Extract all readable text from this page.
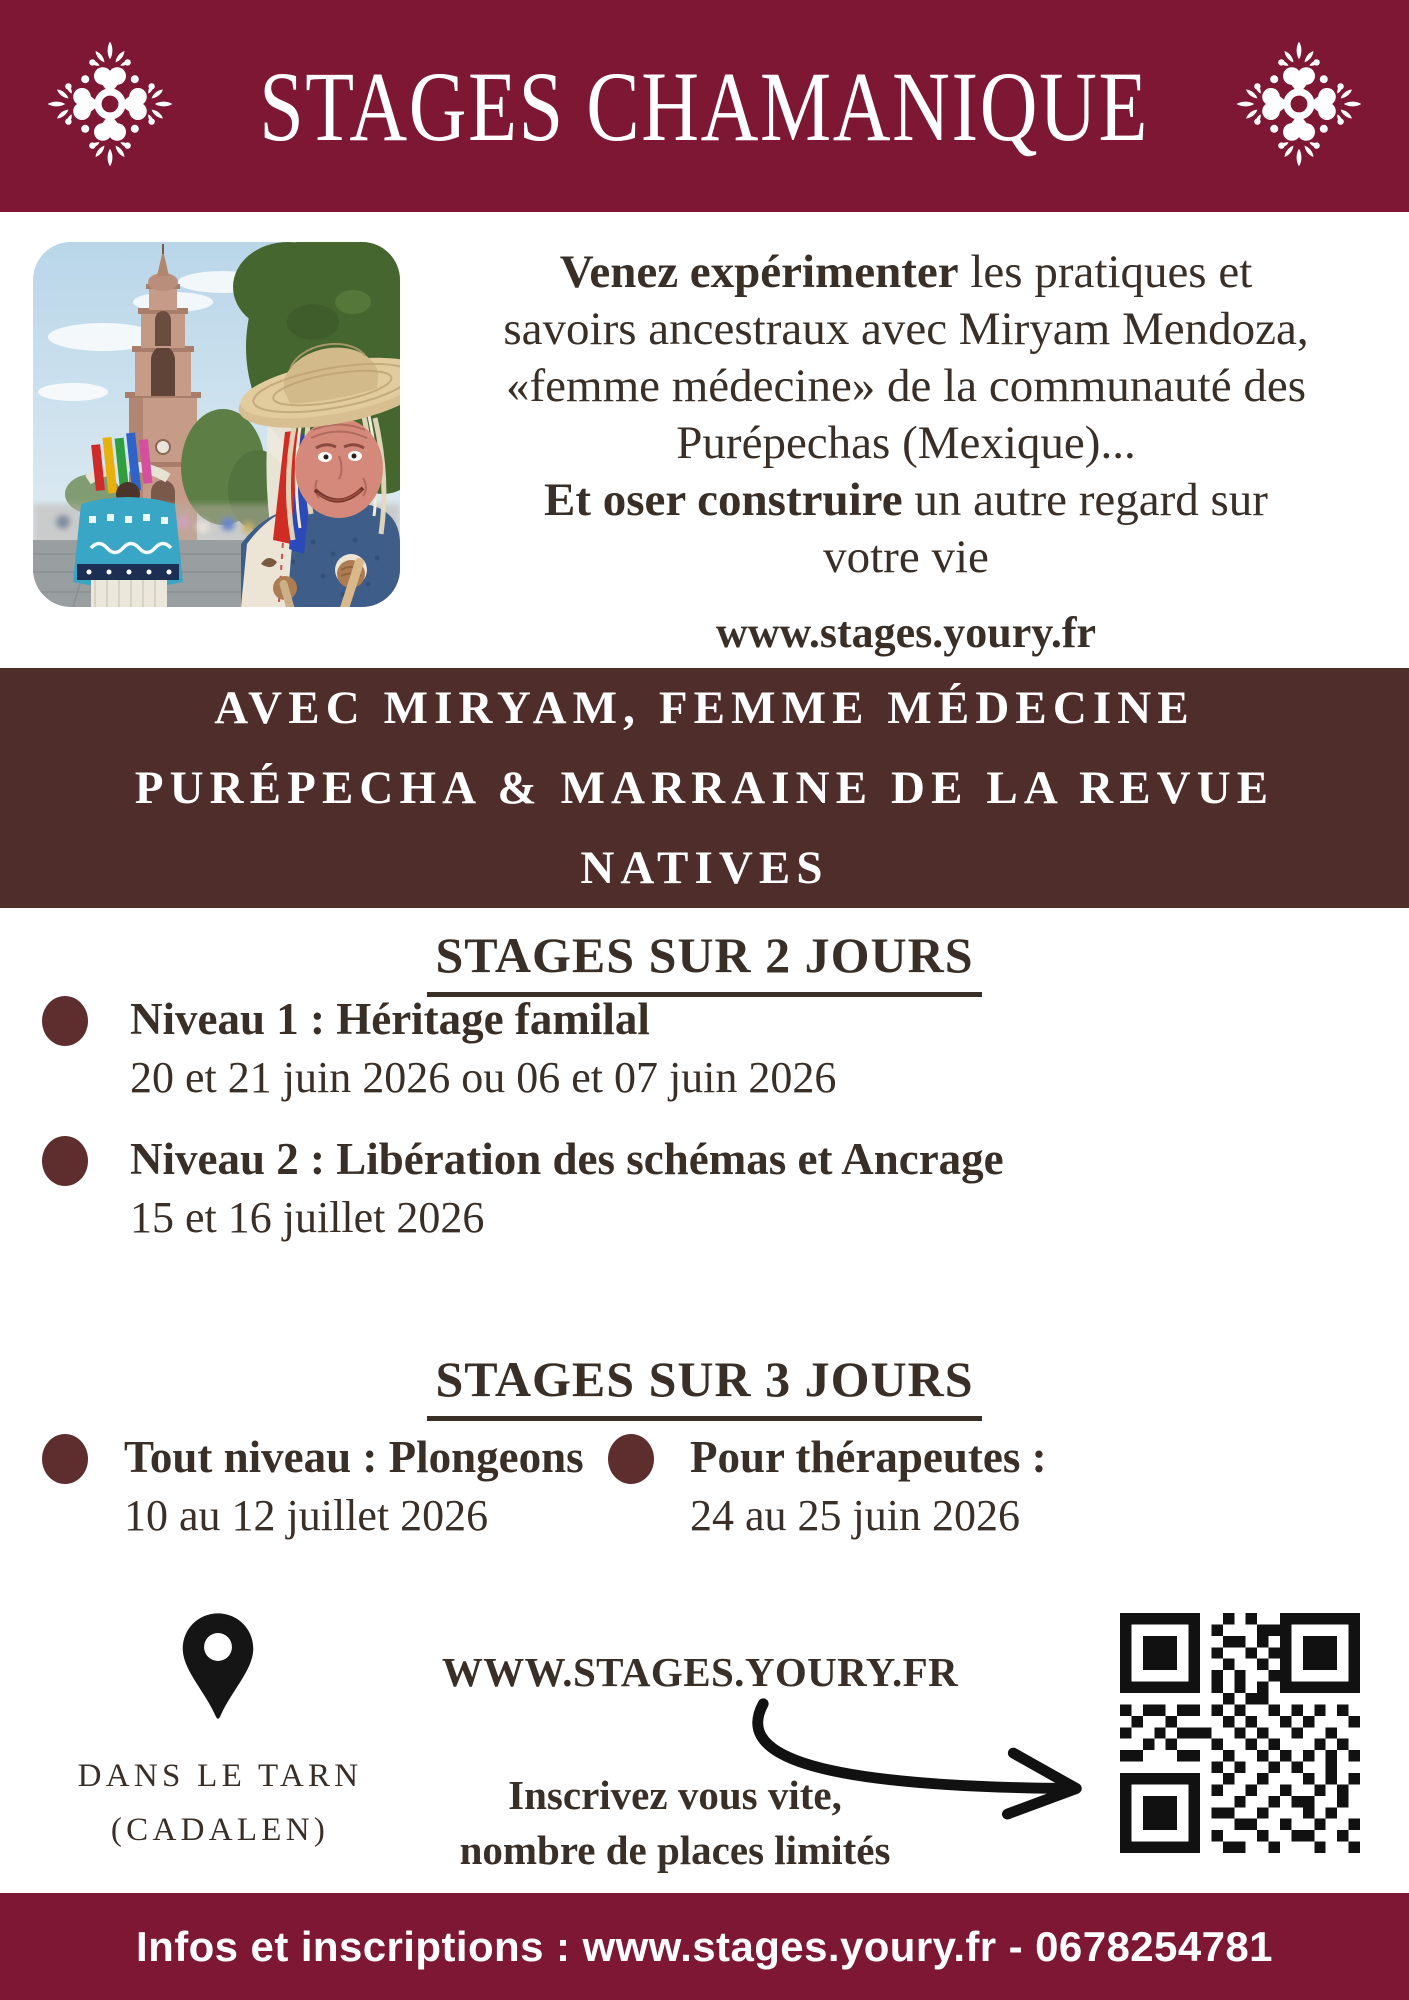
STAGES CHAMANIQUE
Venez expérimenter les pratiques et
savoirs ancestraux avec Miryam Mendoza,
«femme médecine» de la communauté des
Purépechas (Mexique)...
Et oser construire un autre regard sur
votre vie
www.stages.youry.fr
AVEC MIRYAM, FEMME MÉDECINE
PURÉPECHA & MARRAINE DE LA REVUE
NATIVES
STAGES SUR 2 JOURS
Niveau 1 : Héritage familal
20 et 21 juin 2026 ou 06 et 07 juin 2026
Niveau 2 : Libération des schémas et Ancrage
15 et 16 juillet 2026
STAGES SUR 3 JOURS
Tout niveau : Plongeons
10 au 12 juillet 2026
Pour thérapeutes :
24 au 25 juin 2026
DANS LE TARN
(CADALEN)
WWW.STAGES.YOURY.FR
Inscrivez vous vite,
nombre de places limités
Infos et inscriptions : www.stages.youry.fr - 0678254781
